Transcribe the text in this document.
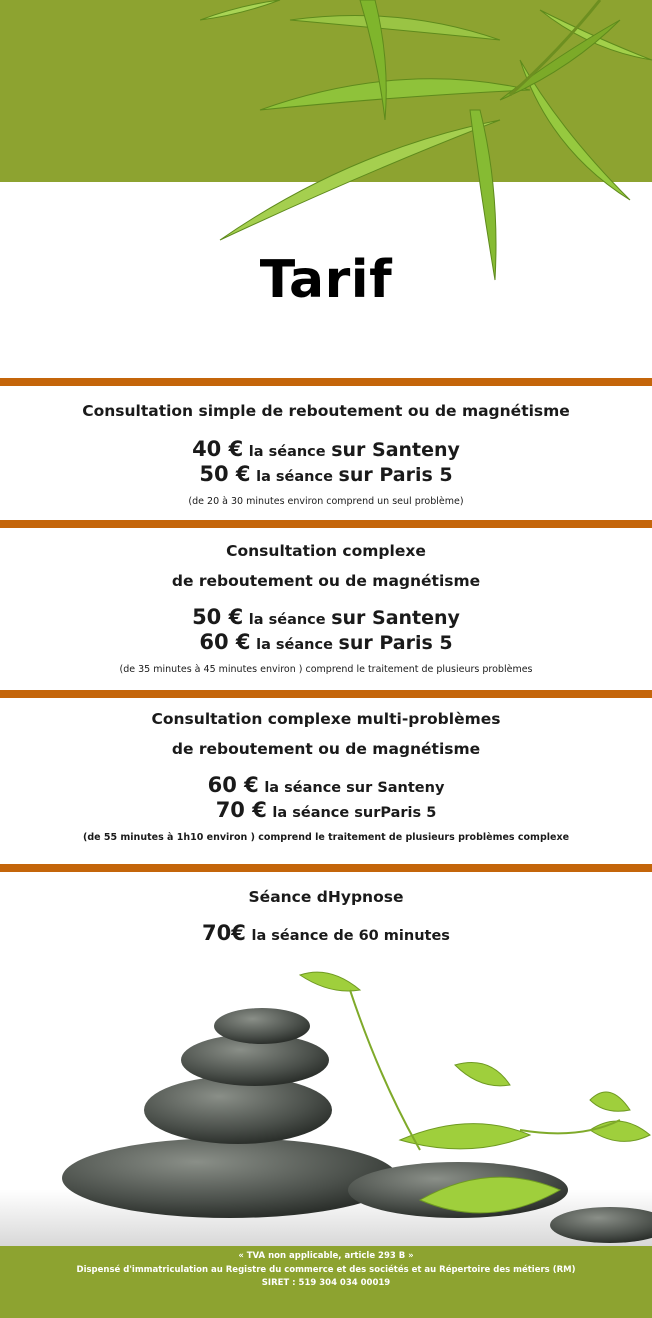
Tarif
Consultation simple de reboutement ou de magnétisme
40 € la séance sur Santeny
50 € la séance sur Paris 5
(de 20 à 30 minutes environ comprend un seul problème)
Consultation complexe
de reboutement ou de magnétisme
50 € la séance sur Santeny
60 € la séance sur Paris 5
(de 35 minutes à 45 minutes environ ) comprend le traitement de plusieurs problèmes
Consultation complexe multi-problèmes
de reboutement ou de magnétisme
60 € la séance sur Santeny
70 € la séance surParis 5
(de 55 minutes à 1h10 environ ) comprend le traitement de plusieurs problèmes complexe
Séance dHypnose
70€ la séance de 60 minutes
« TVA non applicable, article 293 B »
Dispensé d'immatriculation au Registre du commerce et des sociétés et au Répertoire des métiers (RM)
SIRET : 519 304 034 00019
